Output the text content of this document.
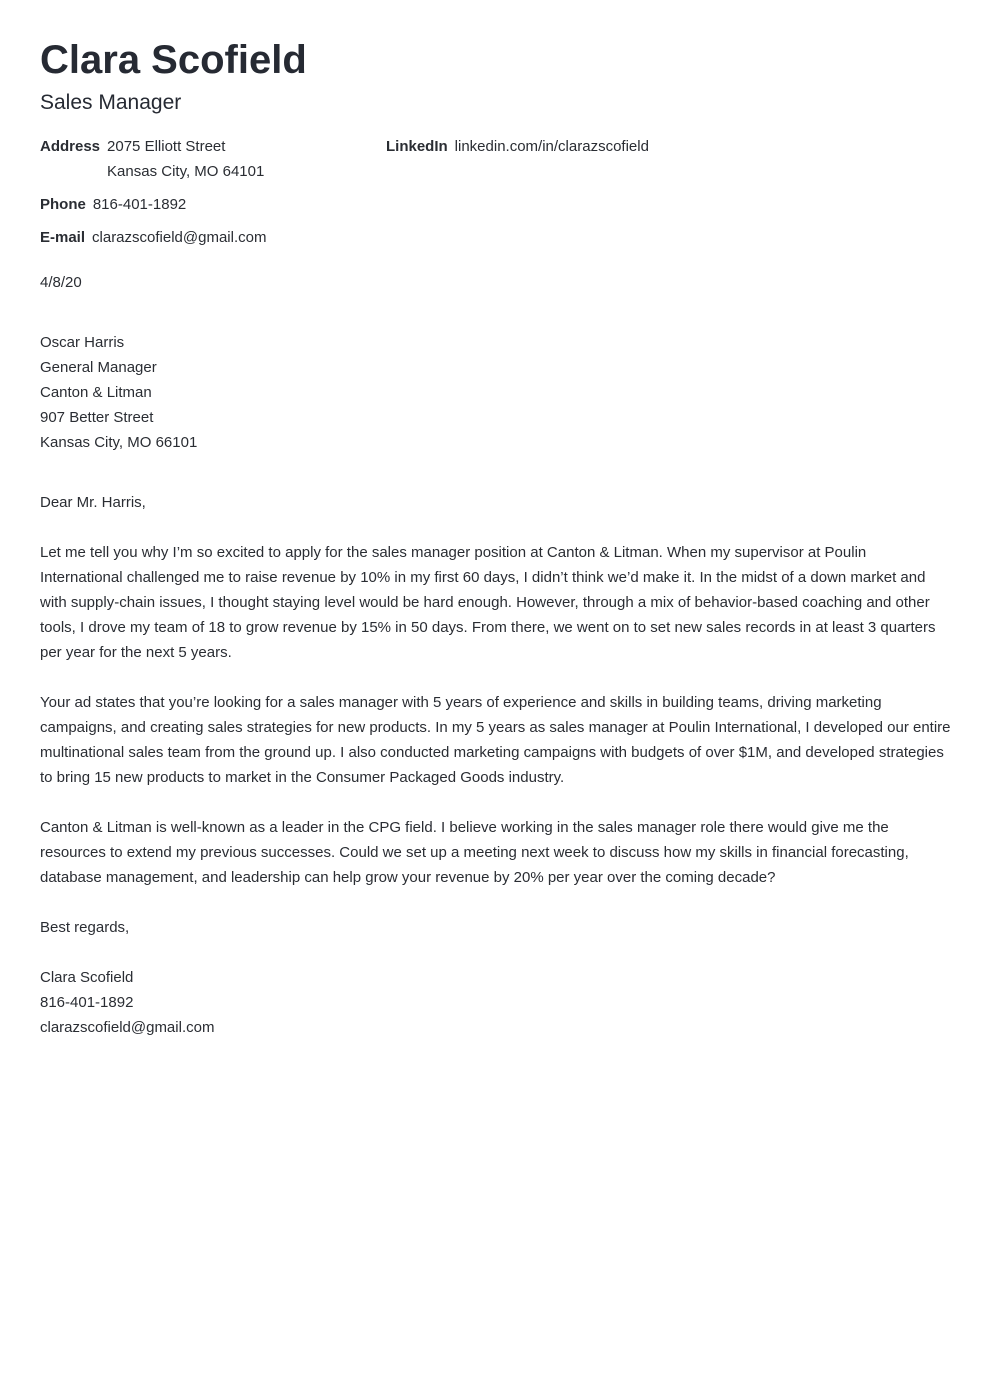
Clara Scofield
Sales Manager
Address 2075 Elliott Street
Kansas City, MO 64101
LinkedIn linkedin.com/in/clarazscofield
Phone 816-401-1892
E-mail clarazscofield@gmail.com
4/8/20
Oscar Harris
General Manager
Canton & Litman
907 Better Street
Kansas City, MO 66101

Dear Mr. Harris,

Let me tell you why I’m so excited to apply for the sales manager position at Canton & Litman. When my supervisor at Poulin International challenged me to raise revenue by 10% in my first 60 days, I didn’t think we’d make it. In the midst of a down market and with supply-chain issues, I thought staying level would be hard enough. However, through a mix of behavior-based coaching and other tools, I drove my team of 18 to grow revenue by 15% in 50 days. From there, we went on to set new sales records in at least 3 quarters per year for the next 5 years.

Your ad states that you’re looking for a sales manager with 5 years of experience and skills in building teams, driving marketing campaigns, and creating sales strategies for new products. In my 5 years as sales manager at Poulin International, I developed our entire multinational sales team from the ground up. I also conducted marketing campaigns with budgets of over $1M, and developed strategies to bring 15 new products to market in the Consumer Packaged Goods industry.

Canton & Litman is well-known as a leader in the CPG field. I believe working in the sales manager role there would give me the resources to extend my previous successes. Could we set up a meeting next week to discuss how my skills in financial forecasting, database management, and leadership can help grow your revenue by 20% per year over the coming decade?

Best regards,

Clara Scofield
816-401-1892
clarazscofield@gmail.com
